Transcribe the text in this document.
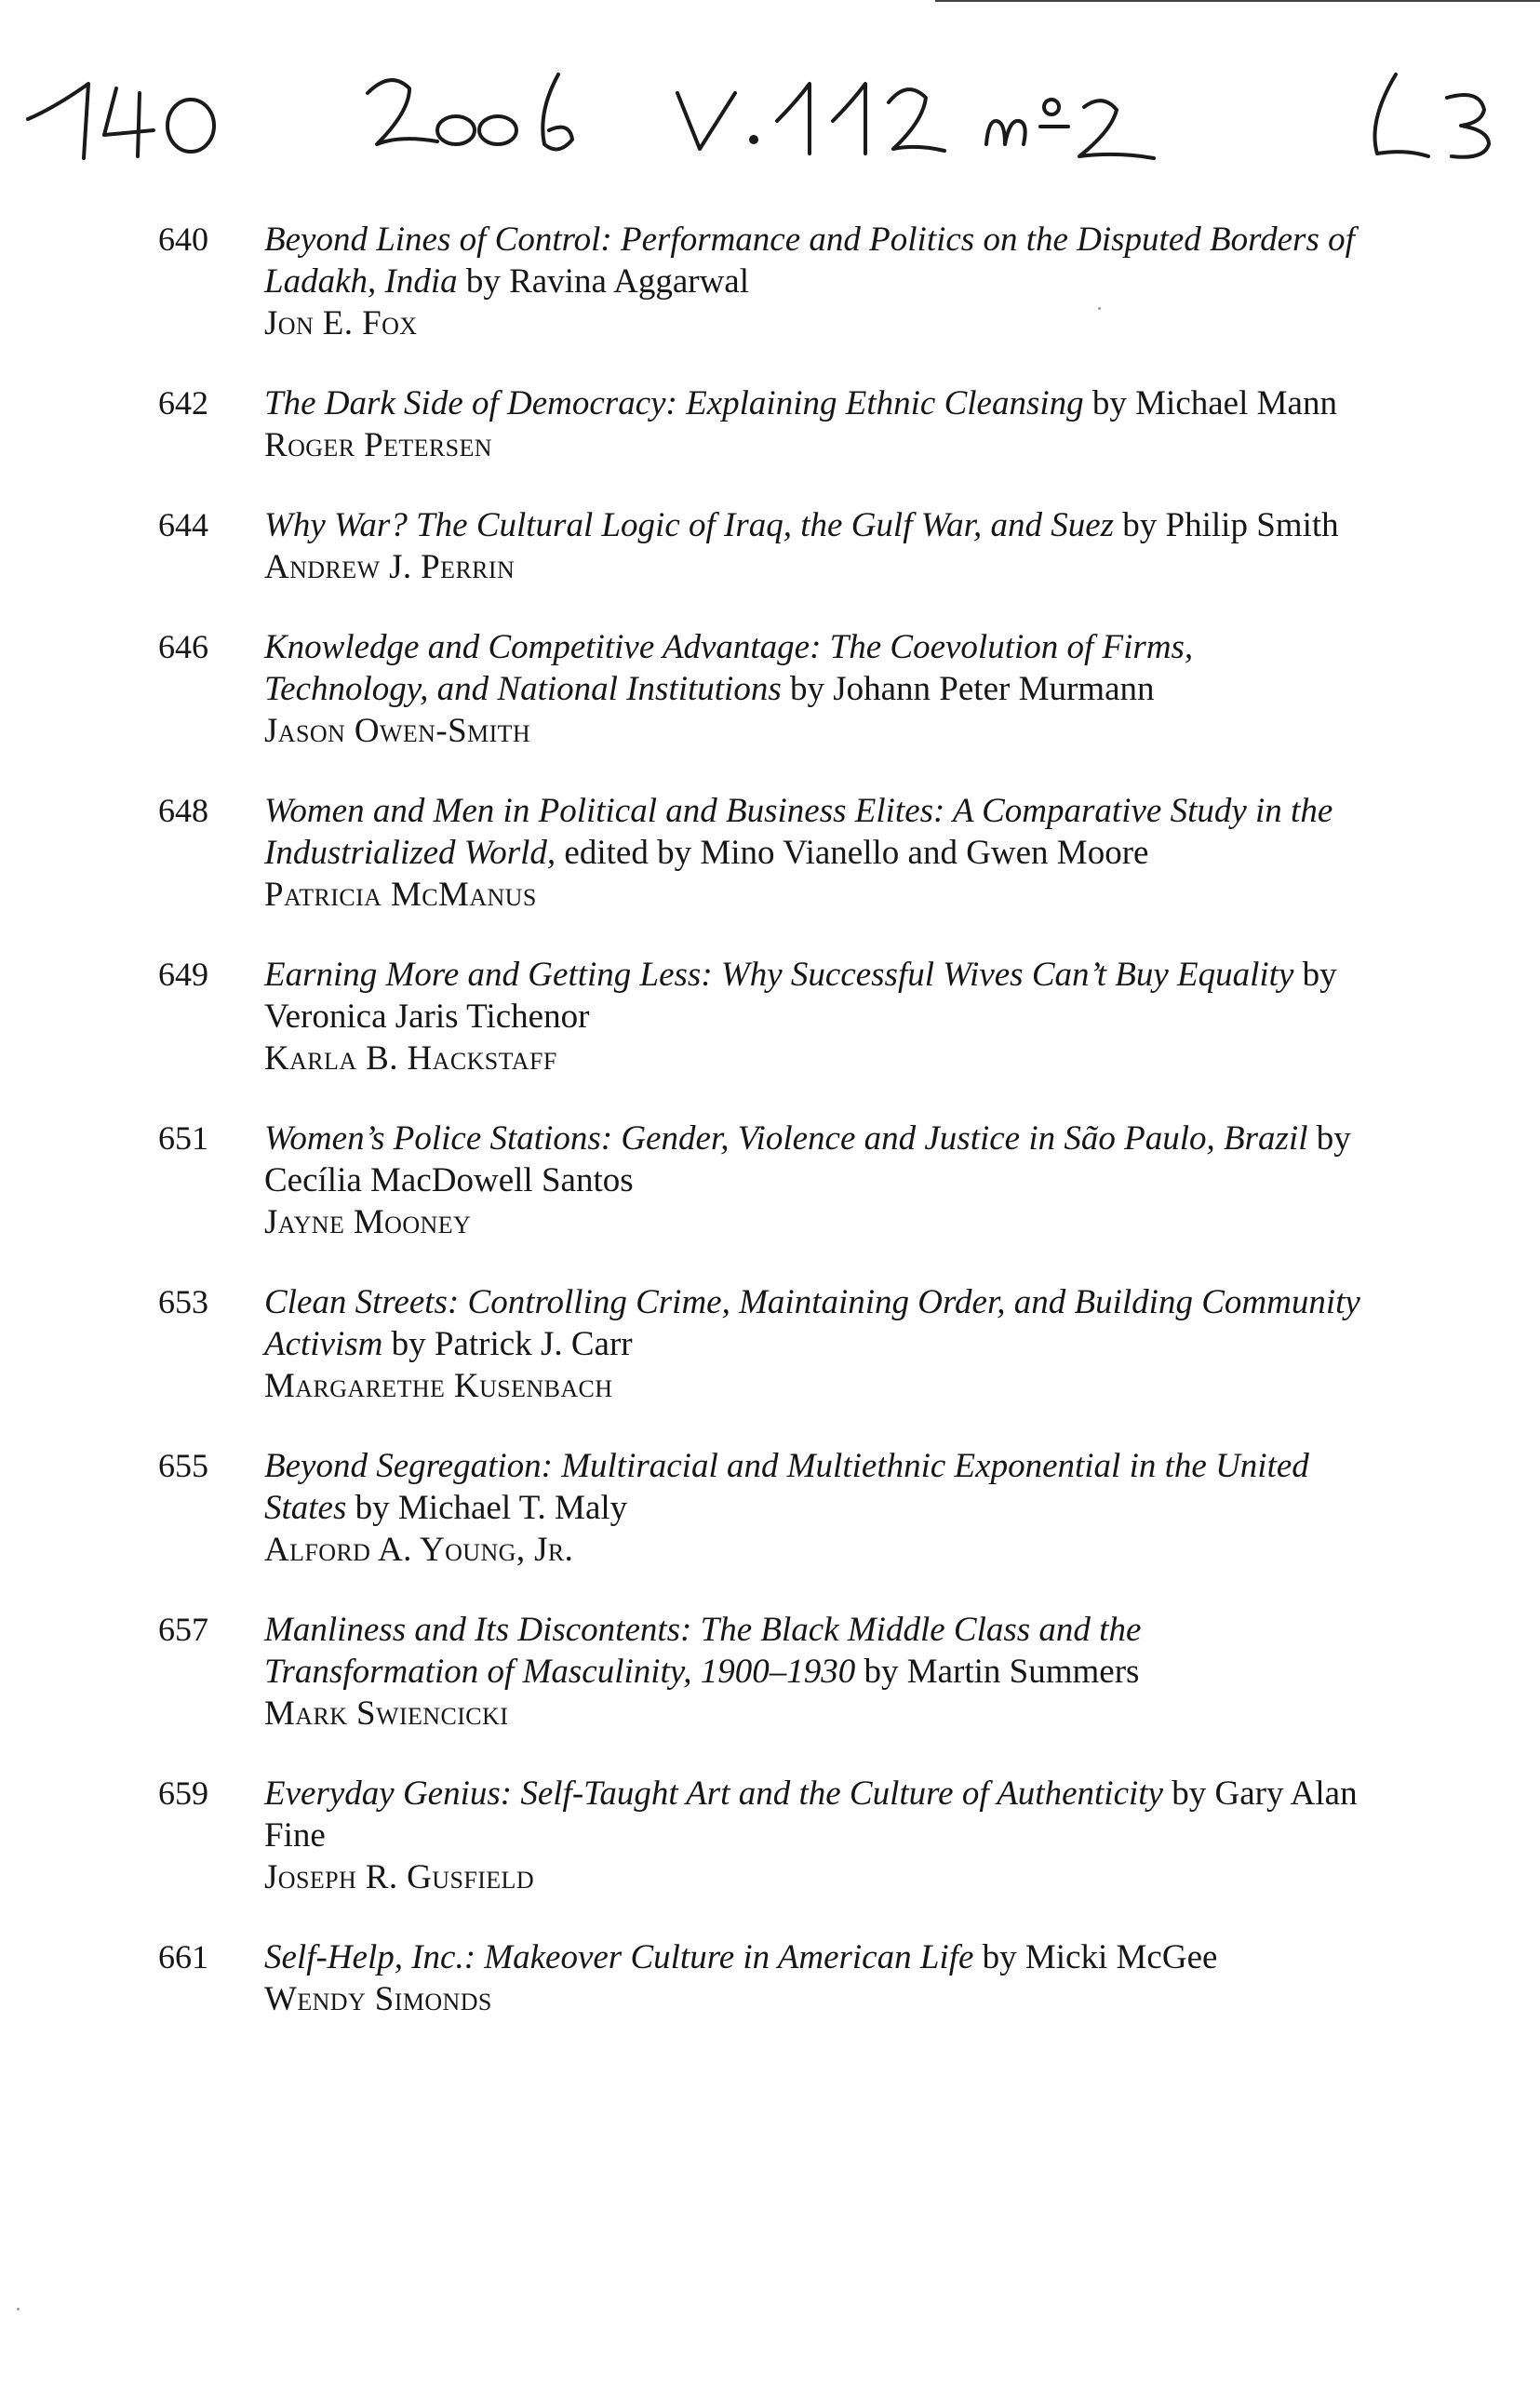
640	Beyond Lines of Control: Performance and Politics on the Disputed Borders of Ladakh, India by Ravina Aggarwal
Jon E. Fox
642	The Dark Side of Democracy: Explaining Ethnic Cleansing by Michael Mann
Roger Petersen
644	Why War? The Cultural Logic of Iraq, the Gulf War, and Suez by Philip Smith
Andrew J. Perrin
646	Knowledge and Competitive Advantage: The Coevolution of Firms, Technology, and National Institutions by Johann Peter Murmann
Jason Owen-Smith
648	Women and Men in Political and Business Elites: A Comparative Study in the Industrialized World, edited by Mino Vianello and Gwen Moore
Patricia McManus
649	Earning More and Getting Less: Why Successful Wives Can’t Buy Equality by Veronica Jaris Tichenor
Karla B. Hackstaff
651	Women’s Police Stations: Gender, Violence and Justice in São Paulo, Brazil by Cecília MacDowell Santos
Jayne Mooney
653	Clean Streets: Controlling Crime, Maintaining Order, and Building Community Activism by Patrick J. Carr
Margarethe Kusenbach
655	Beyond Segregation: Multiracial and Multiethnic Exponential in the United States by Michael T. Maly
Alford A. Young, Jr.
657	Manliness and Its Discontents: The Black Middle Class and the Transformation of Masculinity, 1900–1930 by Martin Summers
Mark Swiencicki
659	Everyday Genius: Self-Taught Art and the Culture of Authenticity by Gary Alan Fine
Joseph R. Gusfield
661	Self-Help, Inc.: Makeover Culture in American Life by Micki McGee
Wendy Simonds
